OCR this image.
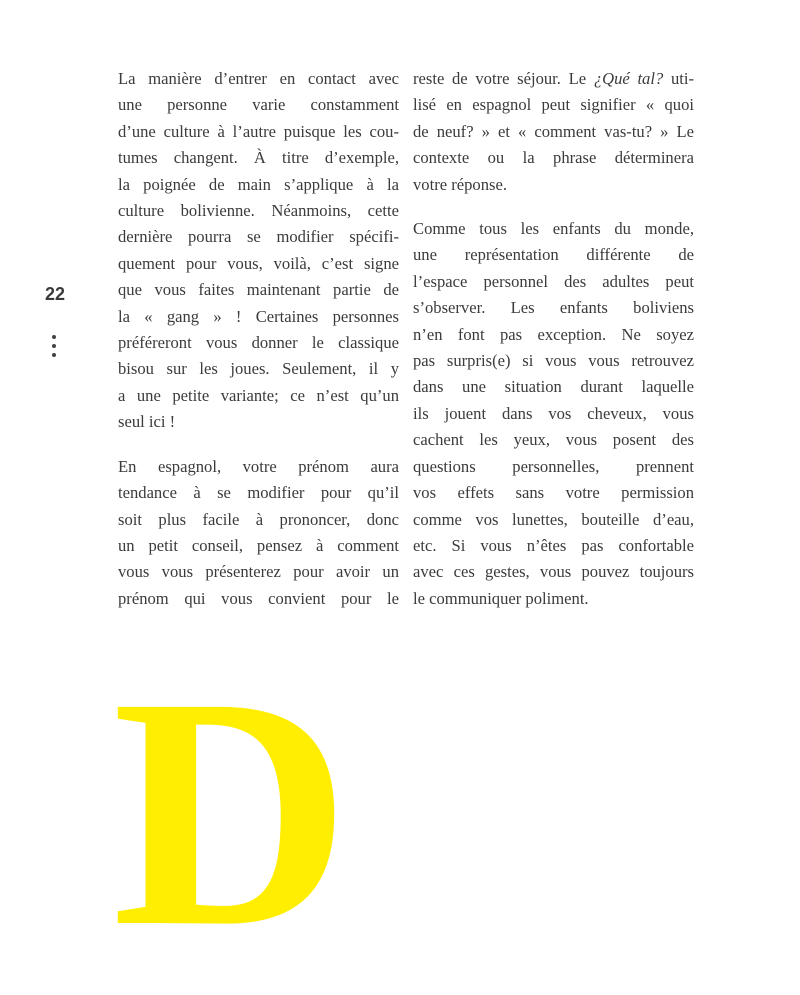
22

La manière d’entrer en contact avec
une personne varie constamment
d’une culture à l’autre puisque les cou-
tumes changent. À titre d’exemple,
la poignée de main s’applique à la
culture bolivienne. Néanmoins, cette
dernière pourra se modifier spécifi-
quement pour vous, voilà, c’est signe
que vous faites maintenant partie de
la « gang » ! Certaines personnes
préféreront vous donner le classique
bisou sur les joues. Seulement, il y
a une petite variante; ce n’est qu’un
seul ici !

En espagnol, votre prénom aura
tendance à se modifier pour qu’il
soit plus facile à prononcer, donc
un petit conseil, pensez à comment
vous vous présenterez pour avoir un
prénom qui vous convient pour le

reste de votre séjour. Le ¿Qué tal? uti-
lisé en espagnol peut signifier « quoi
de neuf? » et « comment vas-tu? » Le
contexte ou la phrase déterminera
votre réponse.

Comme tous les enfants du monde,
une représentation différente de
l’espace personnel des adultes peut
s’observer. Les enfants boliviens
n’en font pas exception. Ne soyez
pas surpris(e) si vous vous retrouvez
dans une situation durant laquelle
ils jouent dans vos cheveux, vous
cachent les yeux, vous posent des
questions personnelles, prennent
vos effets sans votre permission
comme vos lunettes, bouteille d’eau,
etc. Si vous n’êtes pas confortable
avec ces gestes, vous pouvez toujours
le communiquer poliment.

D
